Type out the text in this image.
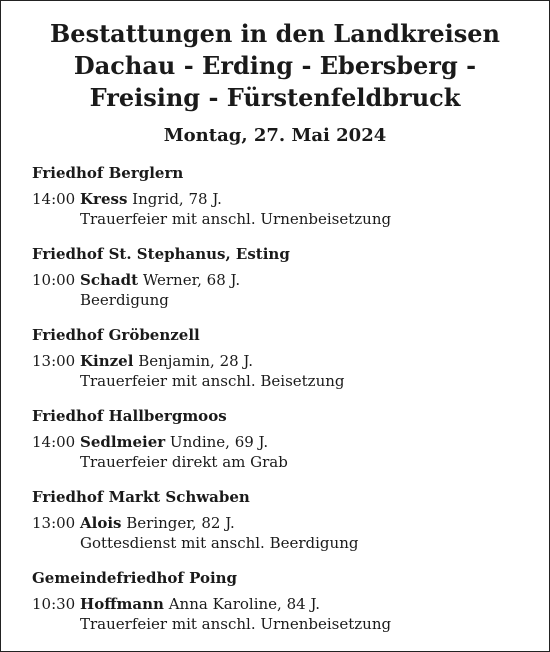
Bestattungen in den Landkreisen
Dachau - Erding - Ebersberg -
Freising - Fürstenfeldbruck
Montag, 27. Mai 2024
Friedhof Berglern
14:00 Kress Ingrid, 78 J.
Trauerfeier mit anschl. Urnenbeisetzung
Friedhof St. Stephanus, Esting
10:00 Schadt Werner, 68 J.
Beerdigung
Friedhof Gröbenzell
13:00 Kinzel Benjamin, 28 J.
Trauerfeier mit anschl. Beisetzung
Friedhof Hallbergmoos
14:00 Sedlmeier Undine, 69 J.
Trauerfeier direkt am Grab
Friedhof Markt Schwaben
13:00 Alois Beringer, 82 J.
Gottesdienst mit anschl. Beerdigung
Gemeindefriedhof Poing
10:30 Hoffmann Anna Karoline, 84 J.
Trauerfeier mit anschl. Urnenbeisetzung
